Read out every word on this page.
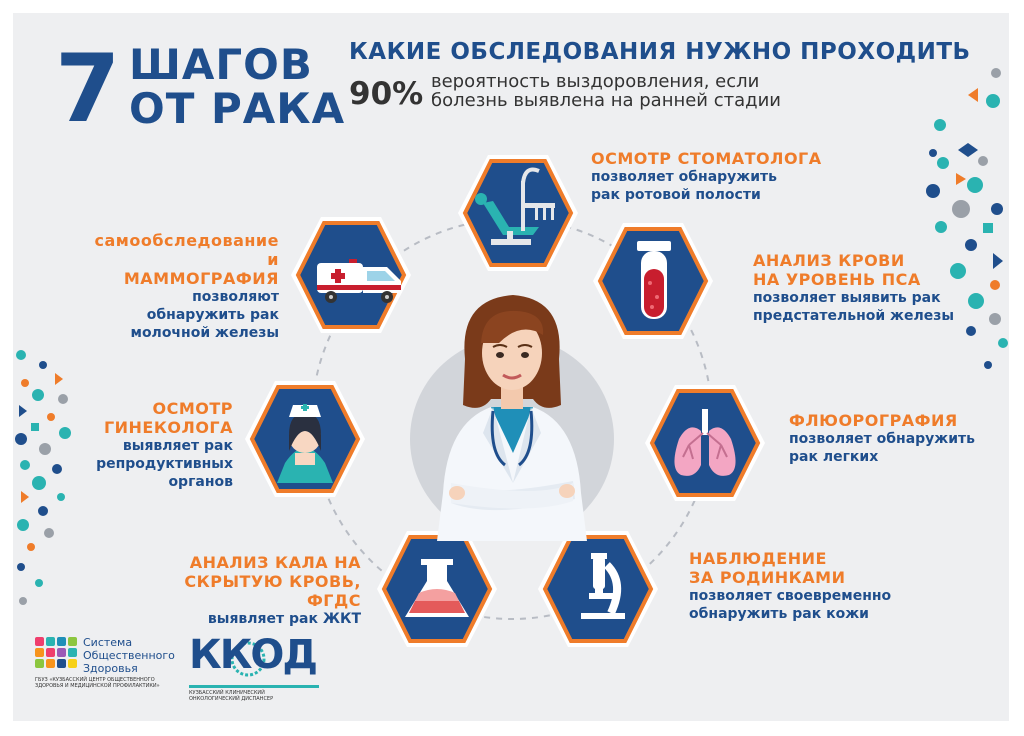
7 ШАГОВ
ОТ РАКА
КАКИЕ ОБСЛЕДОВАНИЯ НУЖНО ПРОХОДИТЬ
90% вероятность выздоровления, если
болезнь выявлена на ранней стадии
ОСМОТР СТОМАТОЛОГА
позволяет обнаружить
рак ротовой полости
АНАЛИЗ КРОВИ
НА УРОВЕНЬ ПСА
позволяет выявить рак
предстательной железы
ФЛЮОРОГРАФИЯ
позволяет обнаружить
рак легких
НАБЛЮДЕНИЕ
ЗА РОДИНКАМИ
позволяет своевременно
обнаружить рак кожи
АНАЛИЗ КАЛА НА
СКРЫТУЮ КРОВЬ, ФГДС
выявляет рак ЖКТ
ОСМОТР
ГИНЕКОЛОГА
выявляет рак
репродуктивных
органов
самообследование и
МАММОГРАФИЯ
позволяют
обнаружить рак
молочной железы
Система
Общественного
Здоровья
ГБУЗ «КУЗБАССКИЙ ЦЕНТР ОБЩЕСТВЕННОГО
ЗДОРОВЬЯ И МЕДИЦИНСКОЙ ПРОФИЛАКТИКИ»
ККОД
КУЗБАССКИЙ КЛИНИЧЕСКИЙ
ОНКОЛОГИЧЕСКИЙ ДИСПАНСЕР
